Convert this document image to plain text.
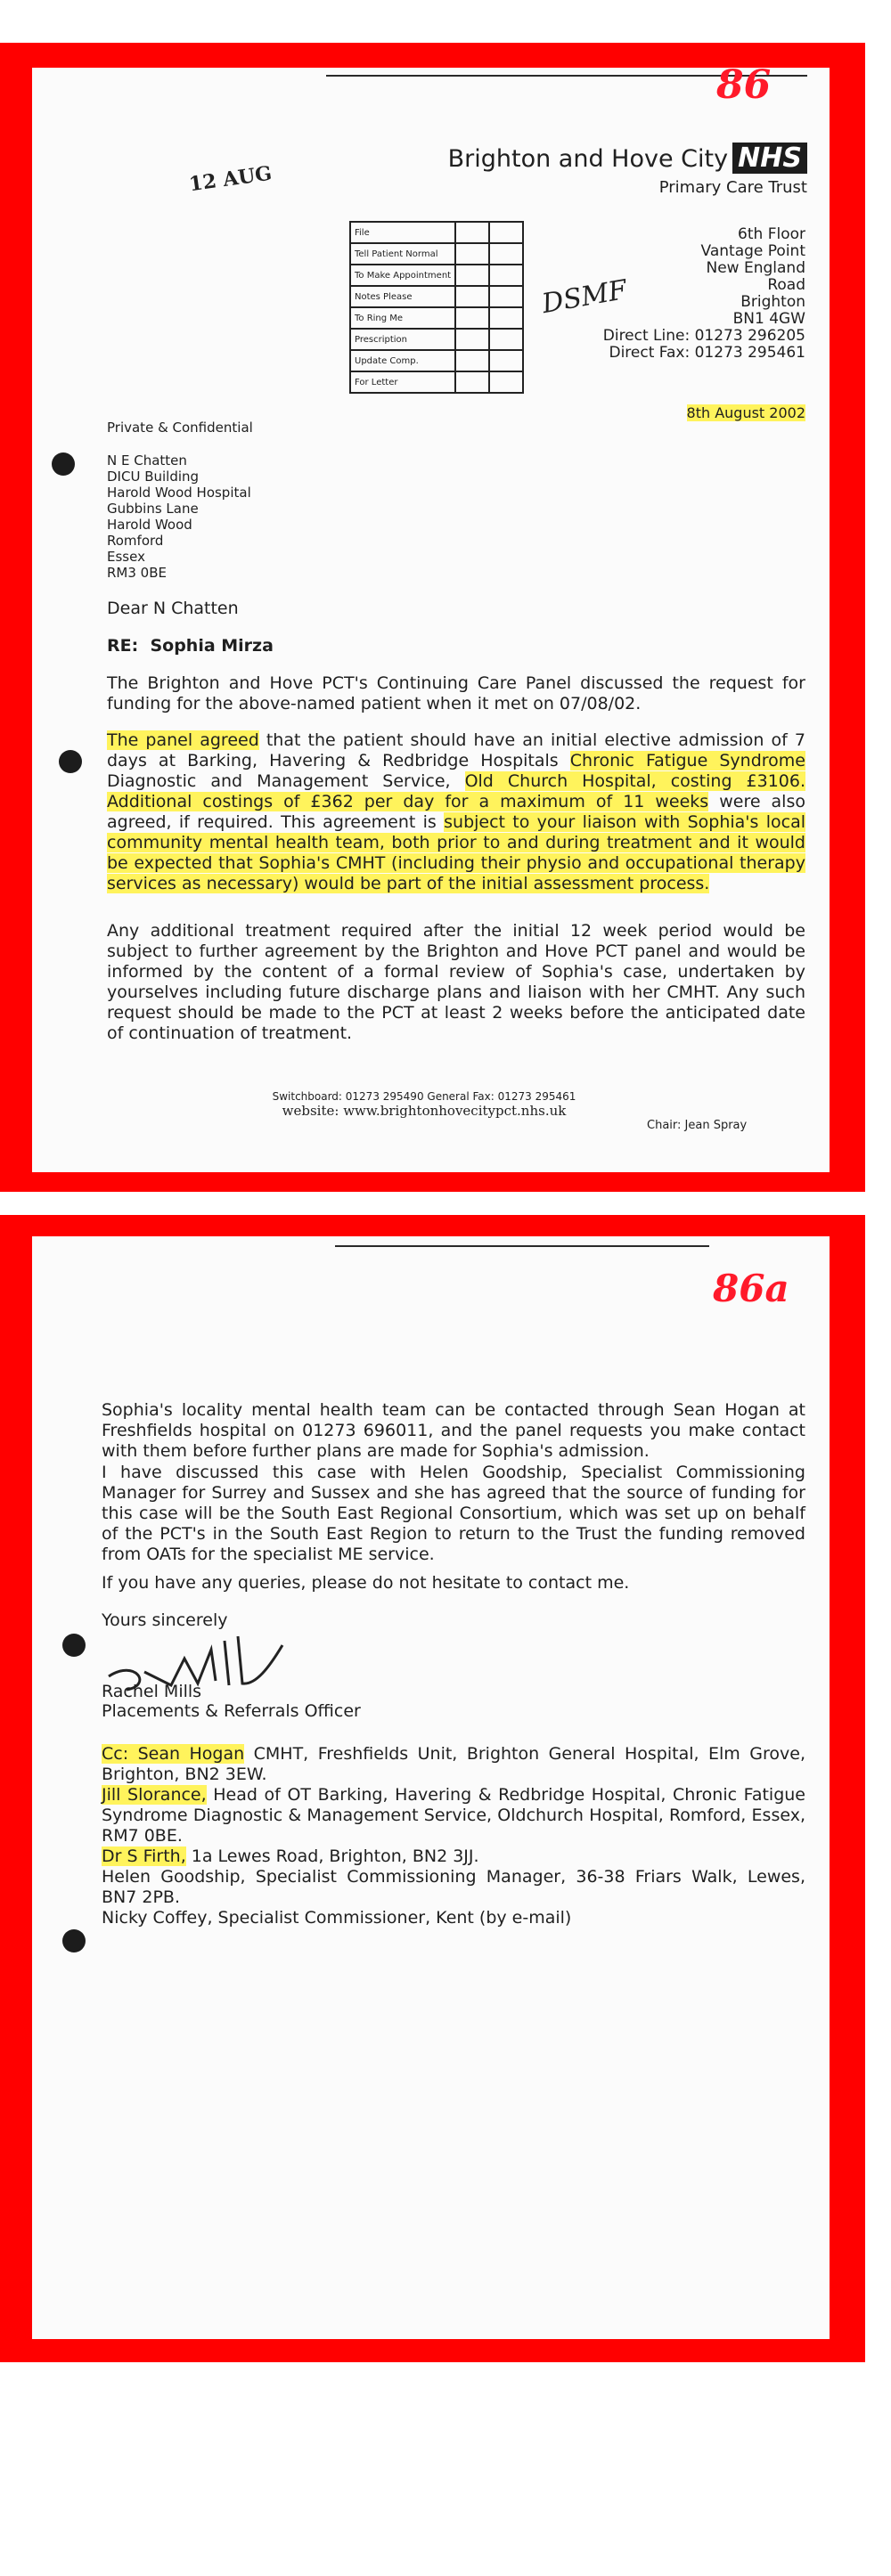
86
12 AUG
Brighton and Hove City NHS
Primary Care Trust
File		
Tell Patient Normal		
To Make Appointment		
Notes Please		
To Ring Me		
Prescription		
Update Comp.		
For Letter		
DSMF
6th Floor
Vantage Point
New England
Road
Brighton
BN1 4GW
Direct Line: 01273 296205
Direct Fax: 01273 295461
8th August 2002
Private & Confidential
N E Chatten
DICU Building
Harold Wood Hospital
Gubbins Lane
Harold Wood
Romford
Essex
RM3 0BE
Dear N Chatten
RE: Sophia Mirza
The Brighton and Hove PCT's Continuing Care Panel discussed the request for funding for the above-named patient when it met on 07/08/02.
The panel agreed that the patient should have an initial elective admission of 7 days at Barking, Havering & Redbridge Hospitals Chronic Fatigue Syndrome Diagnostic and Management Service, Old Church Hospital, costing £3106. Additional costings of £362 per day for a maximum of 11 weeks were also agreed, if required. This agreement is subject to your liaison with Sophia's local community mental health team, both prior to and during treatment and it would be expected that Sophia's CMHT (including their physio and occupational therapy services as necessary) would be part of the initial assessment process.
Any additional treatment required after the initial 12 week period would be subject to further agreement by the Brighton and Hove PCT panel and would be informed by the content of a formal review of Sophia's case, undertaken by yourselves including future discharge plans and liaison with her CMHT. Any such request should be made to the PCT at least 2 weeks before the anticipated date of continuation of treatment.
Switchboard: 01273 295490 General Fax: 01273 295461
website: www.brightonhovecitypct.nhs.uk
Chair: Jean Spray
86a
Sophia's locality mental health team can be contacted through Sean Hogan at Freshfields hospital on 01273 696011, and the panel requests you make contact with them before further plans are made for Sophia's admission.
I have discussed this case with Helen Goodship, Specialist Commissioning Manager for Surrey and Sussex and she has agreed that the source of funding for this case will be the South East Regional Consortium, which was set up on behalf of the PCT's in the South East Region to return to the Trust the funding removed from OATs for the specialist ME service.
If you have any queries, please do not hesitate to contact me.
Yours sincerely
Rachel Mills
Placements & Referrals Officer
Cc: Sean Hogan CMHT, Freshfields Unit, Brighton General Hospital, Elm Grove, Brighton, BN2 3EW.
Jill Slorance, Head of OT Barking, Havering & Redbridge Hospital, Chronic Fatigue Syndrome Diagnostic & Management Service, Oldchurch Hospital, Romford, Essex, RM7 0BE.
Dr S Firth, 1a Lewes Road, Brighton, BN2 3JJ.
Helen Goodship, Specialist Commissioning Manager, 36-38 Friars Walk, Lewes, BN7 2PB.
Nicky Coffey, Specialist Commissioner, Kent (by e-mail)
